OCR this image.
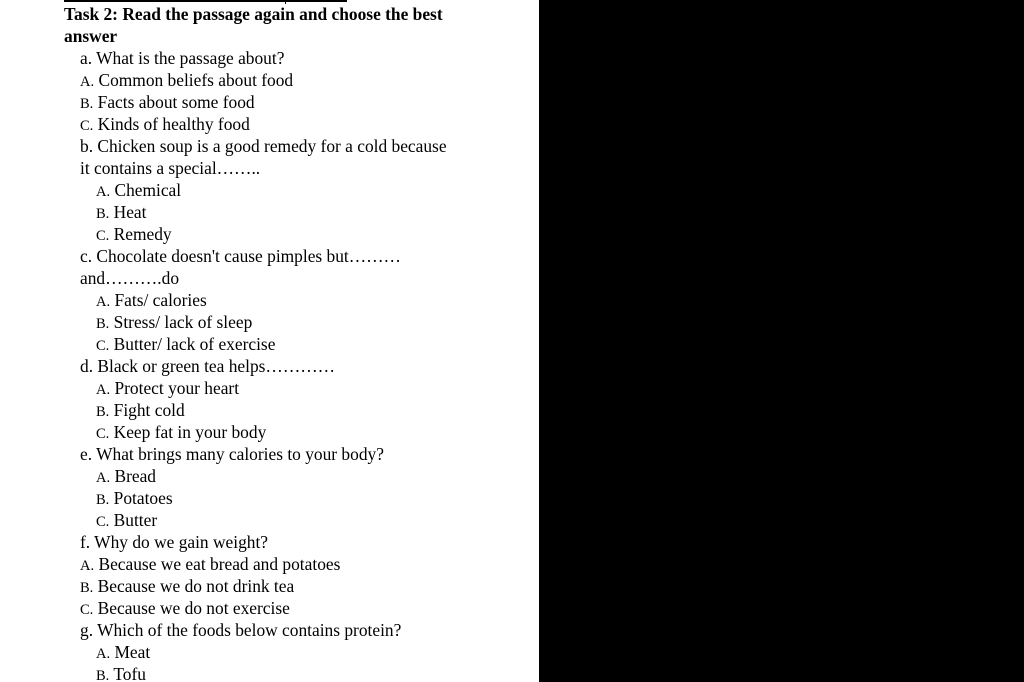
Task 2: Read the passage again and choose the best
answer
a. What is the passage about?
A. Common beliefs about food
B. Facts about some food
C. Kinds of healthy food
b. Chicken soup is a good remedy for a cold because
it contains a special……..
A. Chemical
B. Heat
C. Remedy
c. Chocolate doesn't cause pimples but………
and……….do
A. Fats/ calories
B. Stress/ lack of sleep
C. Butter/ lack of exercise
d. Black or green tea helps…………
A. Protect your heart
B. Fight cold
C. Keep fat in your body
e. What brings many calories to your body?
A. Bread
B. Potatoes
C. Butter
f. Why do we gain weight?
A. Because we eat bread and potatoes
B. Because we do not drink tea
C. Because we do not exercise
g. Which of the foods below contains protein?
A. Meat
B. Tofu
